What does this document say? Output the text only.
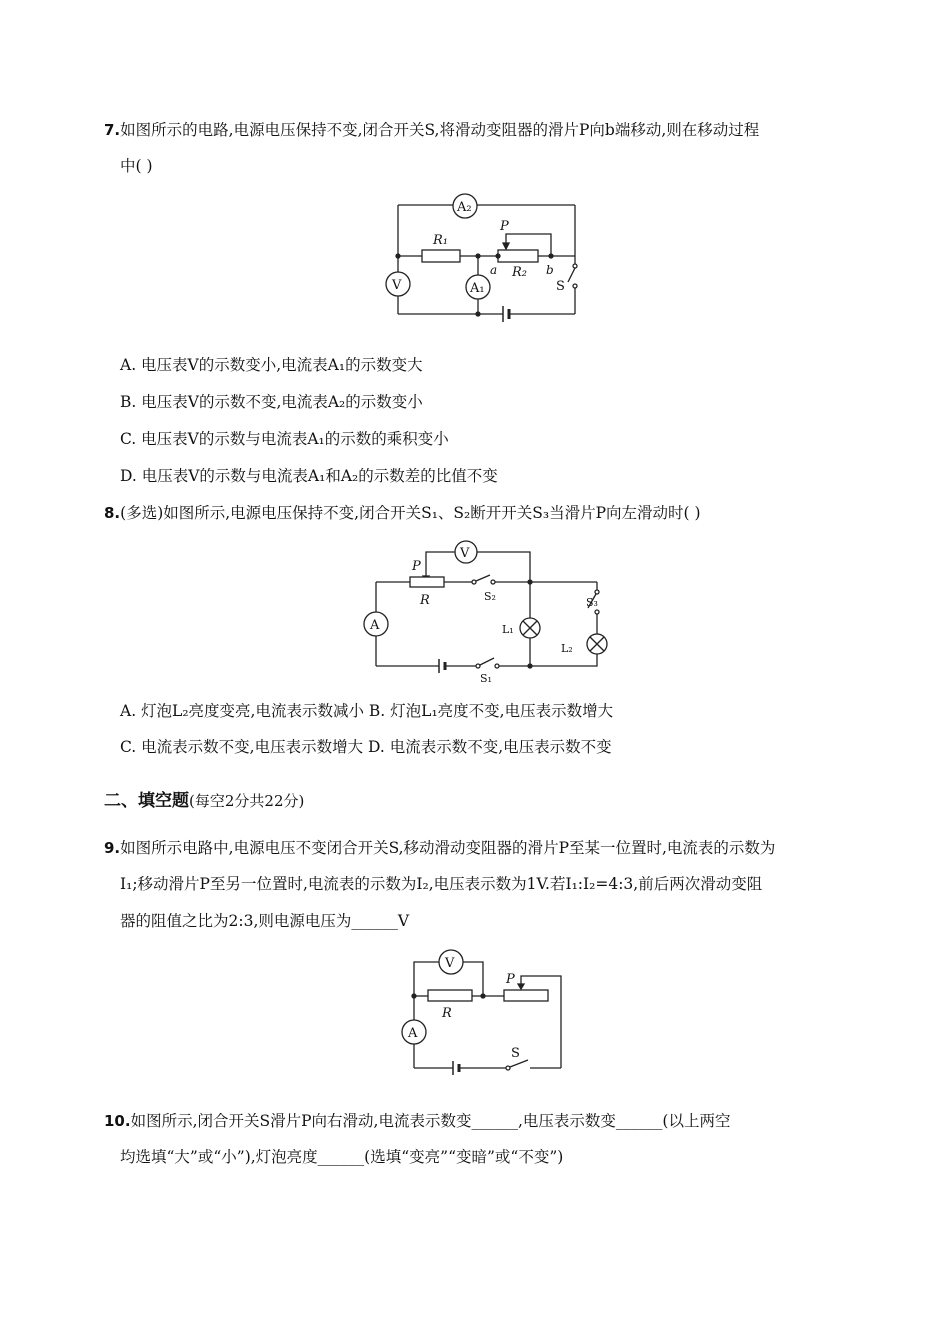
7.如图所示的电路,电源电压保持不变,闭合开关S,将滑动变阻器的滑片P向b端移动,则在移动过程
中( )
A₂
V
R₁
P
a R₂ b
A₁	S
A. 电压表V的示数变小,电流表A₁的示数变大
B. 电压表V的示数不变,电流表A₂的示数变小
C. 电压表V的示数与电流表A₁的示数的乘积变小
D. 电压表V的示数与电流表A₁和A₂的示数差的比值不变
8.(多选)如图所示,电源电压保持不变,闭合开关S₁、S₂断开开关S₃当滑片P向左滑动时( )
V
P
R	S₂
A	L₁
S₃
L₂
S₁
A. 灯泡L₂亮度变亮,电流表示数减小 B. 灯泡L₁亮度不变,电压表示数增大
C. 电流表示数不变,电压表示数增大 D. 电流表示数不变,电压表示数不变
二、填空题(每空2分共22分)
9.如图所示电路中,电源电压不变闭合开关S,移动滑动变阻器的滑片P至某一位置时,电流表的示数为
I₁;移动滑片P至另一位置时,电流表的示数为I₂,电压表示数为1V.若I₁:I₂=4:3,前后两次滑动变阻
器的阻值之比为2:3,则电源电压为______V
V
R
P
A
S
10.如图所示,闭合开关S滑片P向右滑动,电流表示数变______,电压表示数变______(以上两空
均选填“大”或“小”),灯泡亮度______(选填“变亮”“变暗”或“不变”)
